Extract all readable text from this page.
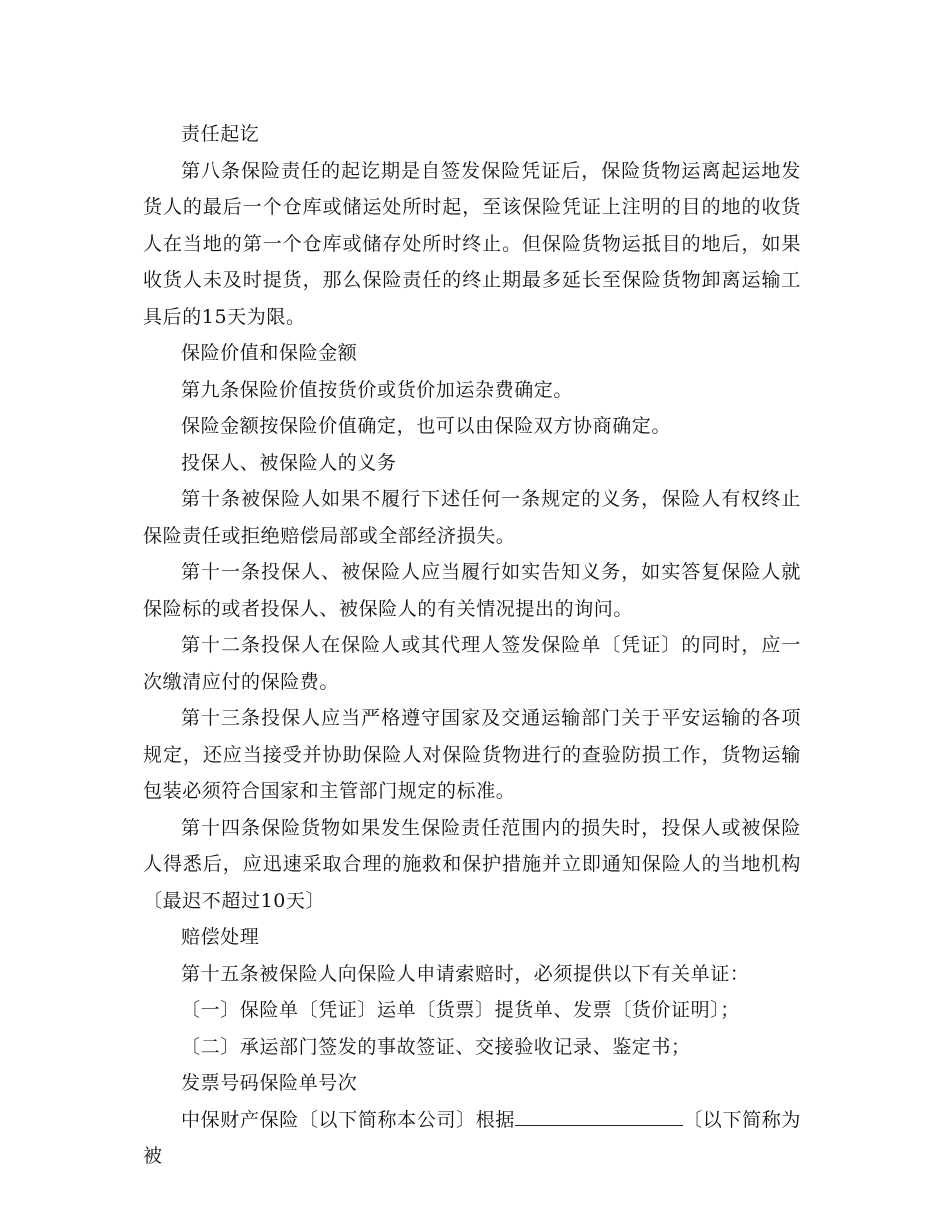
责任起讫

第八条保险责任的起讫期是自签发保险凭证后，保险货物运离起运地发货人的最后一个仓库或储运处所时起，至该保险凭证上注明的目的地的收货人在当地的第一个仓库或储存处所时终止。但保险货物运抵目的地后，如果收货人未及时提货，那么保险责任的终止期最多延长至保险货物卸离运输工具后的15天为限。

保险价值和保险金额

第九条保险价值按货价或货价加运杂费确定。

保险金额按保险价值确定，也可以由保险双方协商确定。

投保人、被保险人的义务

第十条被保险人如果不履行下述任何一条规定的义务，保险人有权终止保险责任或拒绝赔偿局部或全部经济损失。

第十一条投保人、被保险人应当履行如实告知义务，如实答复保险人就保险标的或者投保人、被保险人的有关情况提出的询问。

第十二条投保人在保险人或其代理人签发保险单〔凭证〕的同时，应一次缴清应付的保险费。

第十三条投保人应当严格遵守国家及交通运输部门关于平安运输的各项规定，还应当接受并协助保险人对保险货物进行的查验防损工作，货物运输包装必须符合国家和主管部门规定的标准。

第十四条保险货物如果发生保险责任范围内的损失时，投保人或被保险人得悉后，应迅速采取合理的施救和保护措施并立即通知保险人的当地机构〔最迟不超过10天〕

赔偿处理

第十五条被保险人向保险人申请索赔时，必须提供以下有关单证：

〔一〕保险单〔凭证〕运单〔货票〕提货单、发票〔货价证明〕；

〔二〕承运部门签发的事故签证、交接验收记录、鉴定书；

发票号码保险单号次

中保财产保险〔以下简称本公司〕根据	〔以下简称为被
